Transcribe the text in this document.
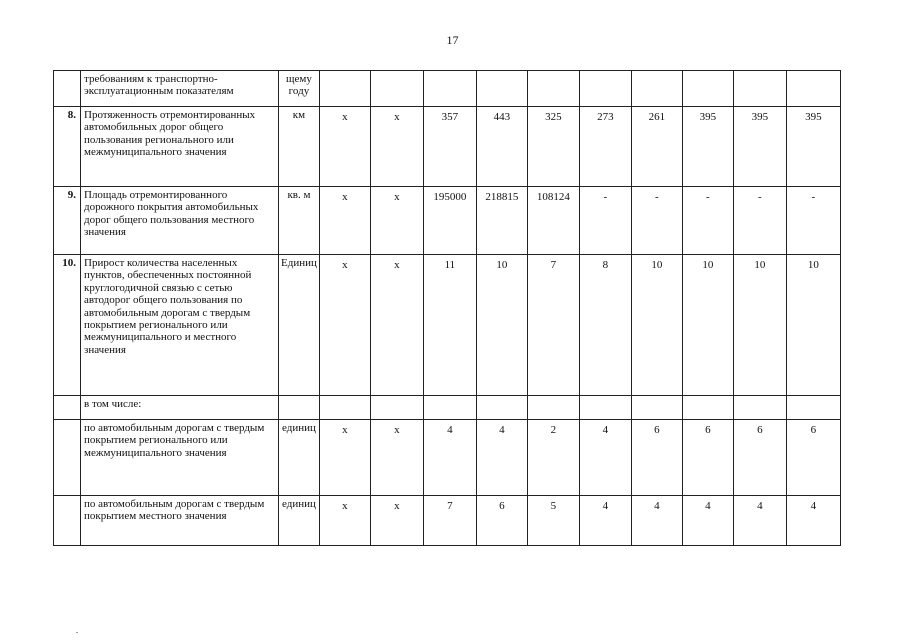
17
	требованиям к транспортно-эксплуатационным показателям	щему году										
8.	Протяженность отремонтированных автомобильных дорог общего пользования регионального или межмуниципального значения	км	х	х	357	443	325	273	261	395	395	395
9.	Площадь отремонтированного дорожного покрытия автомобильных дорог общего пользования местного значения	кв. м	х	х	195000	218815	108124	-	-	-	-	-
10.	Прирост количества населенных пунктов, обеспеченных постоянной круглогодичной связью с сетью автодорог общего пользования по автомобильным дорогам с твердым покрытием регионального или межмуниципального и местного значения	Единиц	х	х	11	10	7	8	10	10	10	10
	в том числе:											
	по автомобильным дорогам с твердым покрытием регионального или межмуниципального значения	единиц	х	х	4	4	2	4	6	6	6	6
	по автомобильным дорогам с твердым покрытием местного значения	единиц	х	х	7	6	5	4	4	4	4	4
